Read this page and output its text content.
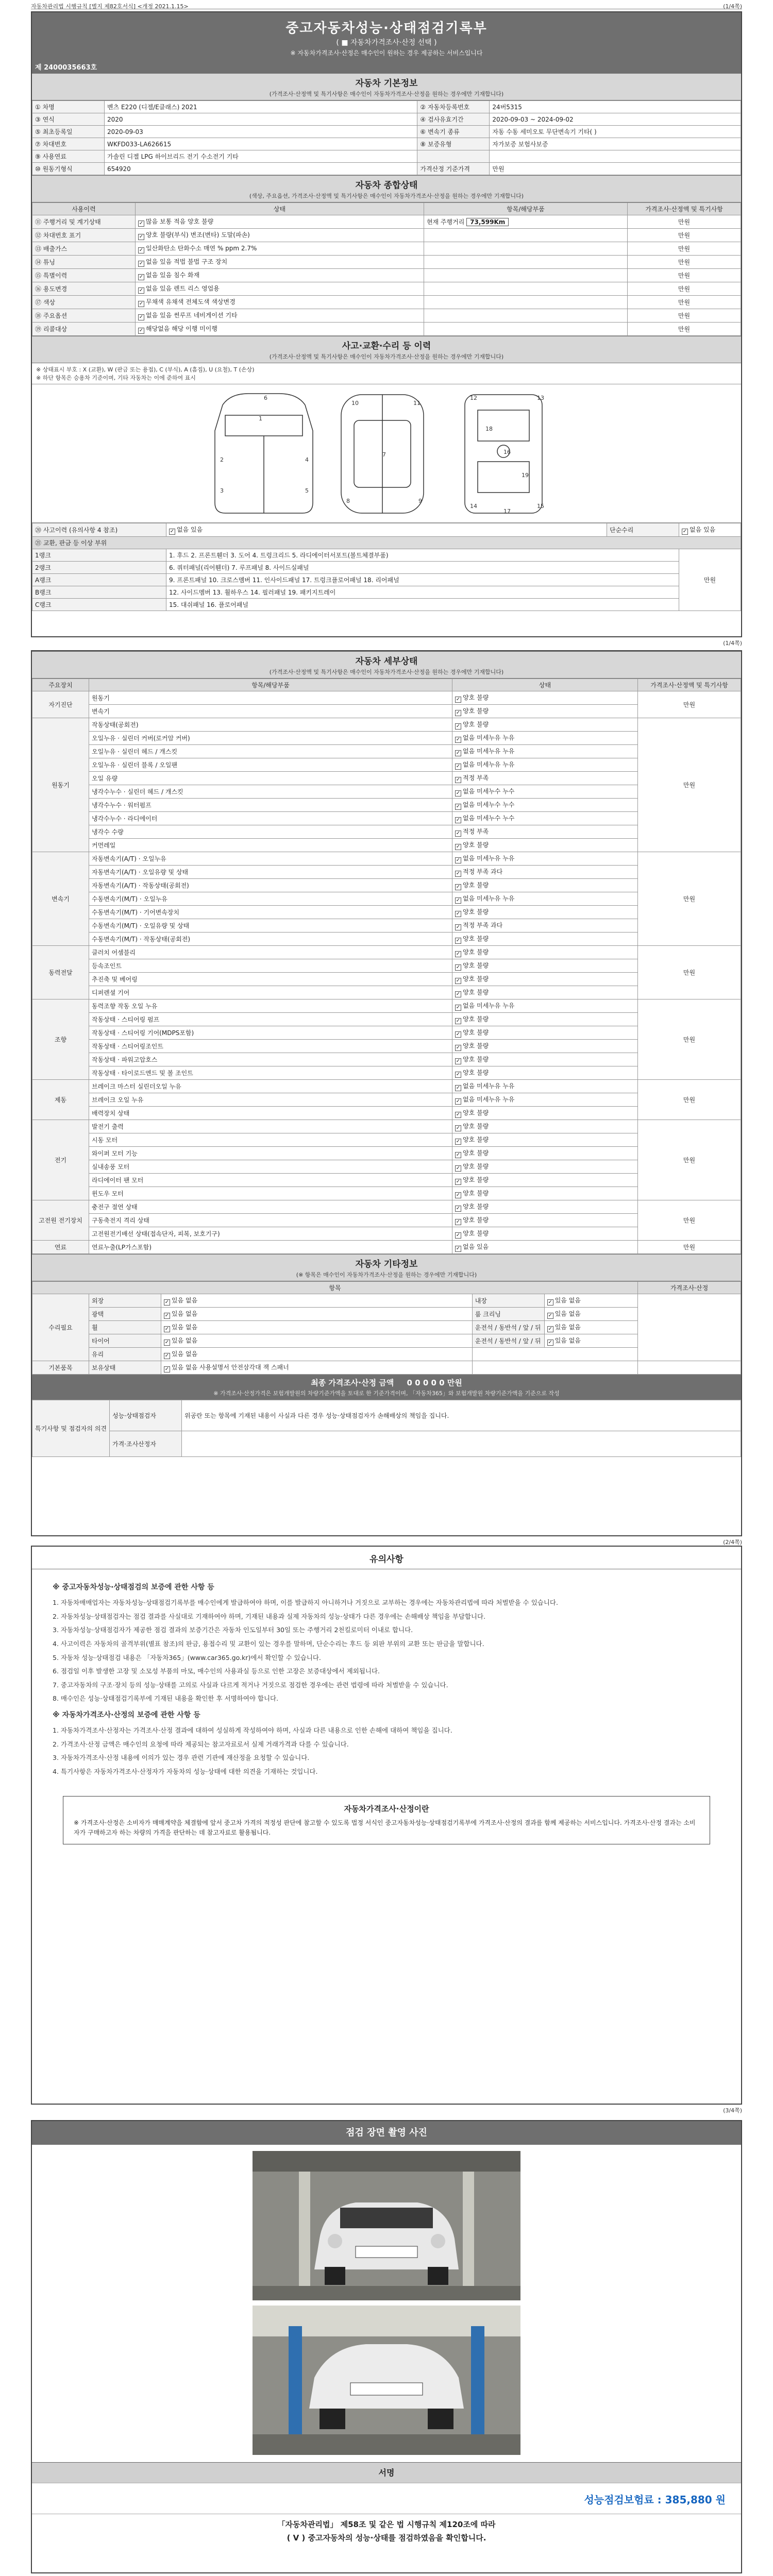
자동차관리법 시행규칙 [별지 제82호서식] <개정 2021.1.15>	(1/4쪽)
중고자동차성능·상태점검기록부
( ■ 자동차가격조사·산정 선택 )
※ 자동차가격조사·산정은 매수인이 원하는 경우 제공하는 서비스입니다
제 2400035663호
자동차 기본정보
(가격조사·산정액 및 특기사항은 매수인이 자동차가격조사·산정을 원하는 경우에만 기재합니다)
① 차명	벤츠 E220 (디젤/E클래스) 2021	② 자동차등록번호	24버5315
③ 연식	2020	④ 검사유효기간	2020-09-03 ~ 2024-09-02
⑤ 최초등록일	2020-09-03	⑥ 변속기 종류	자동 수동 세미오토 무단변속기 기타( )
⑦ 차대번호	WKFD033-LA626615	⑧ 보증유형	자가보증 보험사보증
⑨ 사용연료	가솔린 디젤 LPG 하이브리드 전기 수소전기 기타		
⑩ 원동기형식	654920	가격산정 기준가격	만원
자동차 종합상태
(색상, 주요옵션, 가격조사·산정액 및 특기사항은 매수인이 자동차가격조사·산정을 원하는 경우에만 기재합니다)
사용이력	상태	항목/해당부품	가격조사·산정액 및 특기사항
⑪ 주행거리 및 계기상태	✓ 많음 보통 적음 양호 불량	현재 주행거리 73,599Km	만원
⑫ 차대번호 표기	✓ 양호 불량(부식) 변조(변타) 도말(파손)		만원
⑬ 배출가스	✓ 일산화탄소 탄화수소 매연 % ppm 2.7%		만원
⑭ 튜닝	✓ 없음 있음 적법 불법 구조 장치		만원
⑮ 특별이력	✓ 없음 있음 침수 화재		만원
⑯ 용도변경	✓ 없음 있음 렌트 리스 영업용		만원
⑰ 색상	✓ 무채색 유채색 전체도색 색상변경		만원
⑱ 주요옵션	✓ 없음 있음 썬루프 네비게이션 기타		만원
⑲ 리콜대상	✓ 해당없음 해당 이행 미이행		만원
사고·교환·수리 등 이력
(가격조사·산정액 및 특기사항은 매수인이 자동차가격조사·산정을 원하는 경우에만 기재합니다)
※ 상태표시 부호 : X (교환), W (판금 또는 용접), C (부식), A (흠집), U (요철), T (손상)
※ 하단 항목은 승용차 기준이며, 기타 자동차는 이에 준하여 표시
1
2
3
4
5
6
7
8	9
10	11
12	13
14	15
16
17
18
19
⑳ 사고이력 (유의사항 4 참조)	✓ 없음 있음	단순수리	✓ 없음 있음
㉑ 교환, 판금 등 이상 부위			
1랭크	1. 후드 2. 프론트휀더 3. 도어 4. 트렁크리드 5. 라디에이터서포트(볼트체결부품)		만원
2랭크	6. 쿼터패널(리어휀더) 7. 루프패널 8. 사이드실패널		
A랭크	9. 프론트패널 10. 크로스멤버 11. 인사이드패널 17. 트렁크플로어패널 18. 리어패널		
B랭크	12. 사이드멤버 13. 휠하우스 14. 필러패널 19. 패키지트레이		
C랭크	15. 대쉬패널 16. 플로어패널		
(1/4쪽)
자동차 세부상태
(가격조사·산정액 및 특기사항은 매수인이 자동차가격조사·산정을 원하는 경우에만 기재합니다)
주요장치	항목/해당부품	상태	가격조사·산정액 및 특기사항
자기진단	원동기	✓ 양호 불량	만원
	변속기	✓ 양호 불량	
원동기	작동상태(공회전)	✓ 양호 불량	만원
	오일누유 · 실린더 커버(로커암 커버)	✓ 없음 미세누유 누유	
	오일누유 · 실린더 헤드 / 개스킷	✓ 없음 미세누유 누유	
	오일누유 · 실린더 블록 / 오일팬	✓ 없음 미세누유 누유	
	오일 유량	✓ 적정 부족	
	냉각수누수 · 실린더 헤드 / 개스킷	✓ 없음 미세누수 누수	
	냉각수누수 · 워터펌프	✓ 없음 미세누수 누수	
	냉각수누수 · 라디에이터	✓ 없음 미세누수 누수	
	냉각수 수량	✓ 적정 부족	
	커먼레일	✓ 양호 불량	
변속기	자동변속기(A/T) · 오일누유	✓ 없음 미세누유 누유	만원
	자동변속기(A/T) · 오일유량 및 상태	✓ 적정 부족 과다	
	자동변속기(A/T) · 작동상태(공회전)	✓ 양호 불량	
	수동변속기(M/T) · 오일누유	✓ 없음 미세누유 누유	
	수동변속기(M/T) · 기어변속장치	✓ 양호 불량	
	수동변속기(M/T) · 오일유량 및 상태	✓ 적정 부족 과다	
	수동변속기(M/T) · 작동상태(공회전)	✓ 양호 불량	
동력전달	클러치 어셈블리	✓ 양호 불량	만원
	등속조인트	✓ 양호 불량	
	추진축 및 베어링	✓ 양호 불량	
	디퍼렌셜 기어	✓ 양호 불량	
조향	동력조향 작동 오일 누유	✓ 없음 미세누유 누유	만원
	작동상태 · 스티어링 펌프	✓ 양호 불량	
	작동상태 · 스티어링 기어(MDPS포함)	✓ 양호 불량	
	작동상태 · 스티어링조인트	✓ 양호 불량	
	작동상태 · 파워고압호스	✓ 양호 불량	
	작동상태 · 타이로드엔드 및 볼 조인트	✓ 양호 불량	
제동	브레이크 마스터 실린더오일 누유	✓ 없음 미세누유 누유	만원
	브레이크 오일 누유	✓ 없음 미세누유 누유	
	배력장치 상태	✓ 양호 불량	
전기	발전기 출력	✓ 양호 불량	만원
	시동 모터	✓ 양호 불량	
	와이퍼 모터 기능	✓ 양호 불량	
	실내송풍 모터	✓ 양호 불량	
	라디에이터 팬 모터	✓ 양호 불량	
	윈도우 모터	✓ 양호 불량	
고전원 전기장치	충전구 절연 상태	✓ 양호 불량	만원
	구동축전지 격리 상태	✓ 양호 불량	
	고전원전기배선 상태(접속단자, 피복, 보호기구)	✓ 양호 불량	
연료	연료누출(LP가스포함)	✓ 없음 있음	만원
자동차 기타정보
(※ 항목은 매수인이 자동차가격조사·산정을 원하는 경우에만 기재합니다)
항목					가격조사·산정
수리필요	외장	✓ 있음 없음	내장	✓ 있음 없음	
	광택	✓ 있음 없음	룸 크리닝	✓ 있음 없음	
	휠	✓ 있음 없음	운전석 / 동반석 / 앞 / 뒤	✓ 있음 없음	
	타이어	✓ 있음 없음	운전석 / 동반석 / 앞 / 뒤	✓ 있음 없음	
	유리	✓ 있음 없음			
기본품목	보유상태	✓ 있음 없음 사용설명서 안전삼각대 잭 스패너			
최종 가격조사·산정 금액 0 0 0 0 0 만원
※ 가격조사·산정가격은 보험개발원의 차량기준가액을 토대로 한 기준가격이며, 「자동차365」와 보험개발원 차량기준가액을 기준으로 작성
특기사항 및 점검자의 의견	성능·상태점검자	위공란 또는 항목에 기재된 내용이 사실과 다른 경우 성능·상태점검자가 손해배상의 책임을 집니다.
	가격·조사산정자	
(2/4쪽)
유의사항
※ 중고자동차성능·상태점검의 보증에 관한 사항 등

1. 자동차매매업자는 자동차성능·상태점검기록부를 매수인에게 발급하여야 하며, 이를 발급하지 아니하거나 거짓으로 교부하는 경우에는 자동차관리법에 따라 처벌받을 수 있습니다.

2. 자동차성능·상태점검자는 점검 결과를 사실대로 기재하여야 하며, 기재된 내용과 실제 자동차의 성능·상태가 다른 경우에는 손해배상 책임을 부담합니다.

3. 자동차성능·상태점검자가 제공한 점검 결과의 보증기간은 자동차 인도일부터 30일 또는 주행거리 2천킬로미터 이내로 합니다.

4. 사고이력은 자동차의 골격부위(별표 참조)의 판금, 용접수리 및 교환이 있는 경우를 말하며, 단순수리는 후드 등 외판 부위의 교환 또는 판금을 말합니다.

5. 자동차 성능·상태점검 내용은 「자동차365」(www.car365.go.kr)에서 확인할 수 있습니다.

6. 점검일 이후 발생한 고장 및 소모성 부품의 마모, 매수인의 사용과실 등으로 인한 고장은 보증대상에서 제외됩니다.

7. 중고자동차의 구조·장치 등의 성능·상태를 고의로 사실과 다르게 적거나 거짓으로 점검한 경우에는 관련 법령에 따라 처벌받을 수 있습니다.

8. 매수인은 성능·상태점검기록부에 기재된 내용을 확인한 후 서명하여야 합니다.

※ 자동차가격조사·산정의 보증에 관한 사항 등

1. 자동차가격조사·산정자는 가격조사·산정 결과에 대하여 성실하게 작성하여야 하며, 사실과 다른 내용으로 인한 손해에 대하여 책임을 집니다.

2. 가격조사·산정 금액은 매수인의 요청에 따라 제공되는 참고자료로서 실제 거래가격과 다를 수 있습니다.

3. 자동차가격조사·산정 내용에 이의가 있는 경우 관련 기관에 재산정을 요청할 수 있습니다.

4. 특기사항은 자동차가격조사·산정자가 자동차의 성능·상태에 대한 의견을 기재하는 것입니다.

자동차가격조사·산정이란
※ 가격조사·산정은 소비자가 매매계약을 체결함에 앞서 중고차 가격의 적정성 판단에 참고할 수 있도록 법정 서식인 중고자동차성능·상태점검기록부에 가격조사·산정의 결과를 함께 제공하는 서비스입니다. 가격조사·산정 결과는 소비자가 구매하고자 하는 차량의 가격을 판단하는 데 참고자료로 활용됩니다.
(3/4쪽)
점검 장면 촬영 사진
서명
성능점검보험료 : 385,880 원
「자동차관리법」 제58조 및 같은 법 시행규칙 제120조에 따라
( V ) 중고자동차의 성능·상태를 점검하였음을 확인합니다.
